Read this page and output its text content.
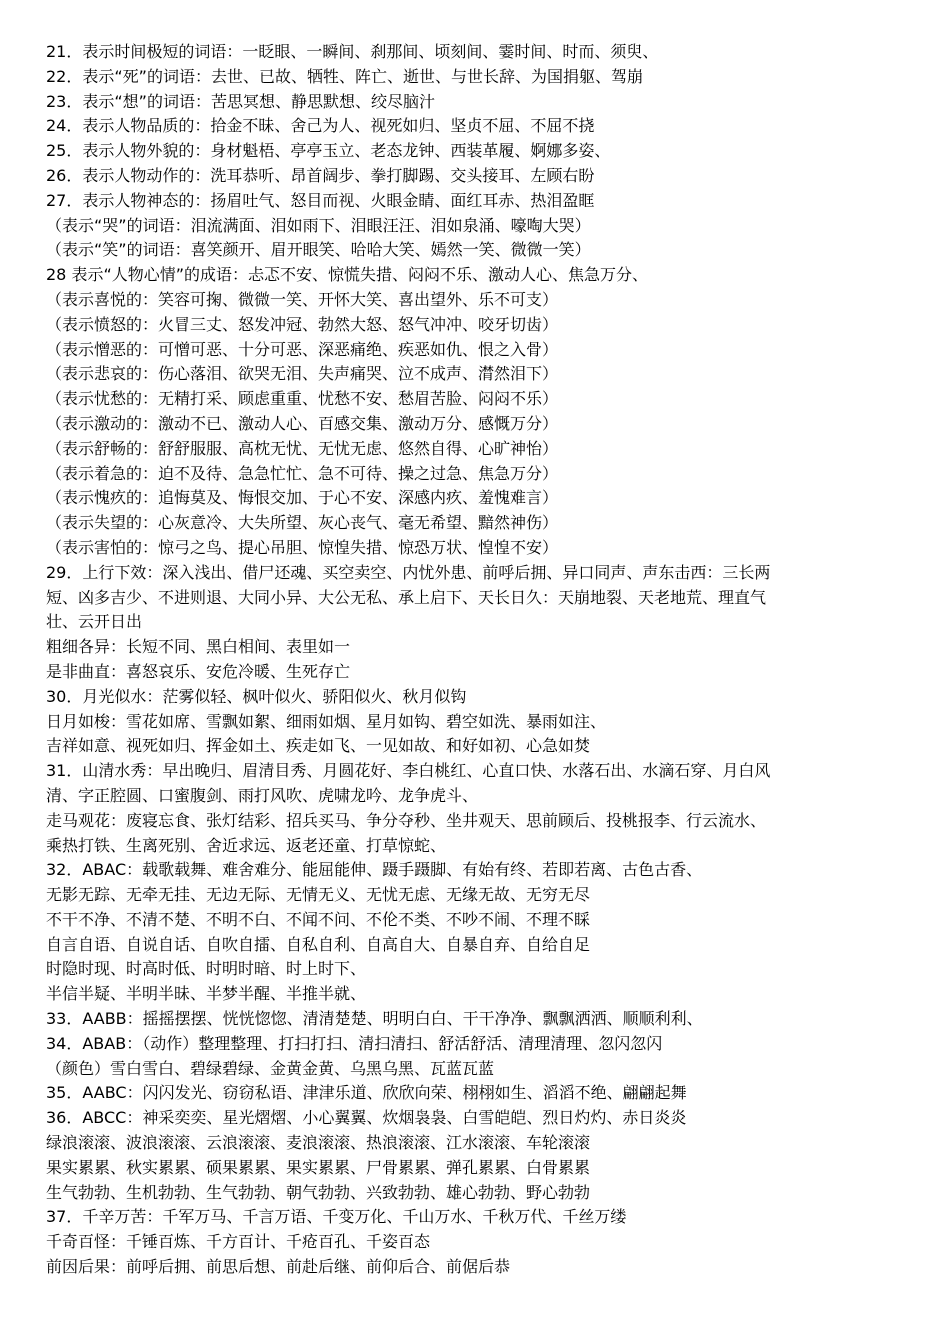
21．表示时间极短的词语：一眨眼、一瞬间、刹那间、顷刻间、霎时间、时而、须臾、
22．表示“死”的词语：去世、已故、牺牲、阵亡、逝世、与世长辞、为国捐躯、驾崩
23．表示“想”的词语：苦思冥想、静思默想、绞尽脑汁
24．表示人物品质的：拾金不昧、舍己为人、视死如归、坚贞不屈、不屈不挠
25．表示人物外貌的：身材魁梧、亭亭玉立、老态龙钟、西装革履、婀娜多姿、
26．表示人物动作的：洗耳恭听、昂首阔步、拳打脚踢、交头接耳、左顾右盼
27．表示人物神态的：扬眉吐气、怒目而视、火眼金睛、面红耳赤、热泪盈眶
（表示“哭”的词语：泪流满面、泪如雨下、泪眼汪汪、泪如泉涌、嚎啕大哭）
（表示“笑”的词语：喜笑颜开、眉开眼笑、哈哈大笑、嫣然一笑、微微一笑）
28 表示“人物心情”的成语：忐忑不安、惊慌失措、闷闷不乐、激动人心、焦急万分、
（表示喜悦的：笑容可掬、微微一笑、开怀大笑、喜出望外、乐不可支）
（表示愤怒的：火冒三丈、怒发冲冠、勃然大怒、怒气冲冲、咬牙切齿）
（表示憎恶的：可憎可恶、十分可恶、深恶痛绝、疾恶如仇、恨之入骨）
（表示悲哀的：伤心落泪、欲哭无泪、失声痛哭、泣不成声、潸然泪下）
（表示忧愁的：无精打采、顾虑重重、忧愁不安、愁眉苦脸、闷闷不乐）
（表示激动的：激动不已、激动人心、百感交集、激动万分、感慨万分）
（表示舒畅的：舒舒服服、高枕无忧、无忧无虑、悠然自得、心旷神怡）
（表示着急的：迫不及待、急急忙忙、急不可待、操之过急、焦急万分）
（表示愧疚的：追悔莫及、悔恨交加、于心不安、深感内疚、羞愧难言）
（表示失望的：心灰意冷、大失所望、灰心丧气、毫无希望、黯然神伤）
（表示害怕的：惊弓之鸟、提心吊胆、惊惶失措、惊恐万状、惶惶不安）
29．上行下效：深入浅出、借尸还魂、买空卖空、内忧外患、前呼后拥、异口同声、声东击西：三长两
短、凶多吉少、不进则退、大同小异、大公无私、承上启下、天长日久：天崩地裂、天老地荒、理直气
壮、云开日出
粗细各异：长短不同、黑白相间、表里如一
是非曲直：喜怒哀乐、安危冷暖、生死存亡
30．月光似水：茫雾似轻、枫叶似火、骄阳似火、秋月似钩
日月如梭：雪花如席、雪飘如絮、细雨如烟、星月如钩、碧空如洗、暴雨如注、
吉祥如意、视死如归、挥金如土、疾走如飞、一见如故、和好如初、心急如焚
31．山清水秀：早出晚归、眉清目秀、月圆花好、李白桃红、心直口快、水落石出、水滴石穿、月白风
清、字正腔圆、口蜜腹剑、雨打风吹、虎啸龙吟、龙争虎斗、
走马观花：废寝忘食、张灯结彩、招兵买马、争分夺秒、坐井观天、思前顾后、投桃报李、行云流水、
乘热打铁、生离死别、舍近求远、返老还童、打草惊蛇、
32．ABAC：载歌载舞、难舍难分、能屈能伸、蹑手蹑脚、有始有终、若即若离、古色古香、
无影无踪、无牵无挂、无边无际、无情无义、无忧无虑、无缘无故、无穷无尽
不干不净、不清不楚、不明不白、不闻不问、不伦不类、不吵不闹、不理不睬
自言自语、自说自话、自吹自擂、自私自利、自高自大、自暴自弃、自给自足
时隐时现、时高时低、时明时暗、时上时下、
半信半疑、半明半昧、半梦半醒、半推半就、
33．AABB：摇摇摆摆、恍恍惚惚、清清楚楚、明明白白、干干净净、飘飘洒洒、顺顺利利、
34．ABAB：（动作）整理整理、打扫打扫、清扫清扫、舒活舒活、清理清理、忽闪忽闪
（颜色）雪白雪白、碧绿碧绿、金黄金黄、乌黑乌黑、瓦蓝瓦蓝
35．AABC：闪闪发光、窃窃私语、津津乐道、欣欣向荣、栩栩如生、滔滔不绝、翩翩起舞
36．ABCC：神采奕奕、星光熠熠、小心翼翼、炊烟袅袅、白雪皑皑、烈日灼灼、赤日炎炎
绿浪滚滚、波浪滚滚、云浪滚滚、麦浪滚滚、热浪滚滚、江水滚滚、车轮滚滚
果实累累、秋实累累、硕果累累、果实累累、尸骨累累、弹孔累累、白骨累累
生气勃勃、生机勃勃、生气勃勃、朝气勃勃、兴致勃勃、雄心勃勃、野心勃勃
37．千辛万苦：千军万马、千言万语、千变万化、千山万水、千秋万代、千丝万缕
千奇百怪：千锤百炼、千方百计、千疮百孔、千姿百态
前因后果：前呼后拥、前思后想、前赴后继、前仰后合、前倨后恭
